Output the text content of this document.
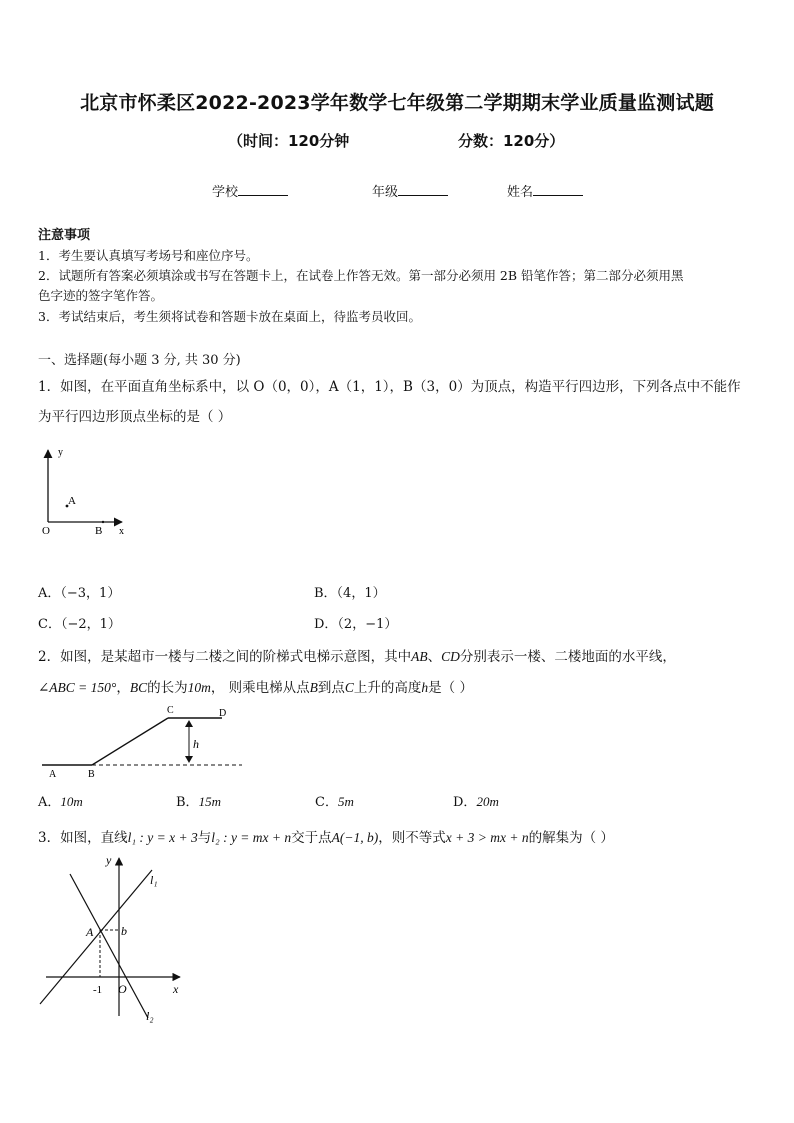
北京市怀柔区2022-2023学年数学七年级第二学期期末学业质量监测试题
（时间：120分钟	分数：120分）
学校	年级	姓名
注意事项
1．考生要认真填写考场号和座位序号。
2．试题所有答案必须填涂或书写在答题卡上，在试卷上作答无效。第一部分必须用 2B 铅笔作答；第二部分必须用黑
色字迹的签字笔作答。
3．考试结束后，考生须将试卷和答题卡放在桌面上，待监考员收回。
一、选择题(每小题 3 分, 共 30 分)
1．如图，在平面直角坐标系中，以 O（0，0），A（1，1），B（3，0）为顶点，构造平行四边形，下列各点中不能作
为平行四边形顶点坐标的是（ ）
y
x
O
A
B
A．（−3，1）	B．（4，1）
C．（−2，1）	D．（2，−1）
2．如图，是某超市一楼与二楼之间的阶梯式电梯示意图，其中AB、CD分别表示一楼、二楼地面的水平线，
∠ABC = 150°，BC的长为10m， 则乘电梯从点B到点C上升的高度h是（ ）
h
A	B
C	D
A．10m	B．15m	C．5m	D．20m
3．如图，直线l₁ : y = x + 3与l₂ : y = mx + n交于点A(−1, b)，则不等式x + 3 > mx + n的解集为（ ）
y
x
l₁
l₂
A b
-1 O
